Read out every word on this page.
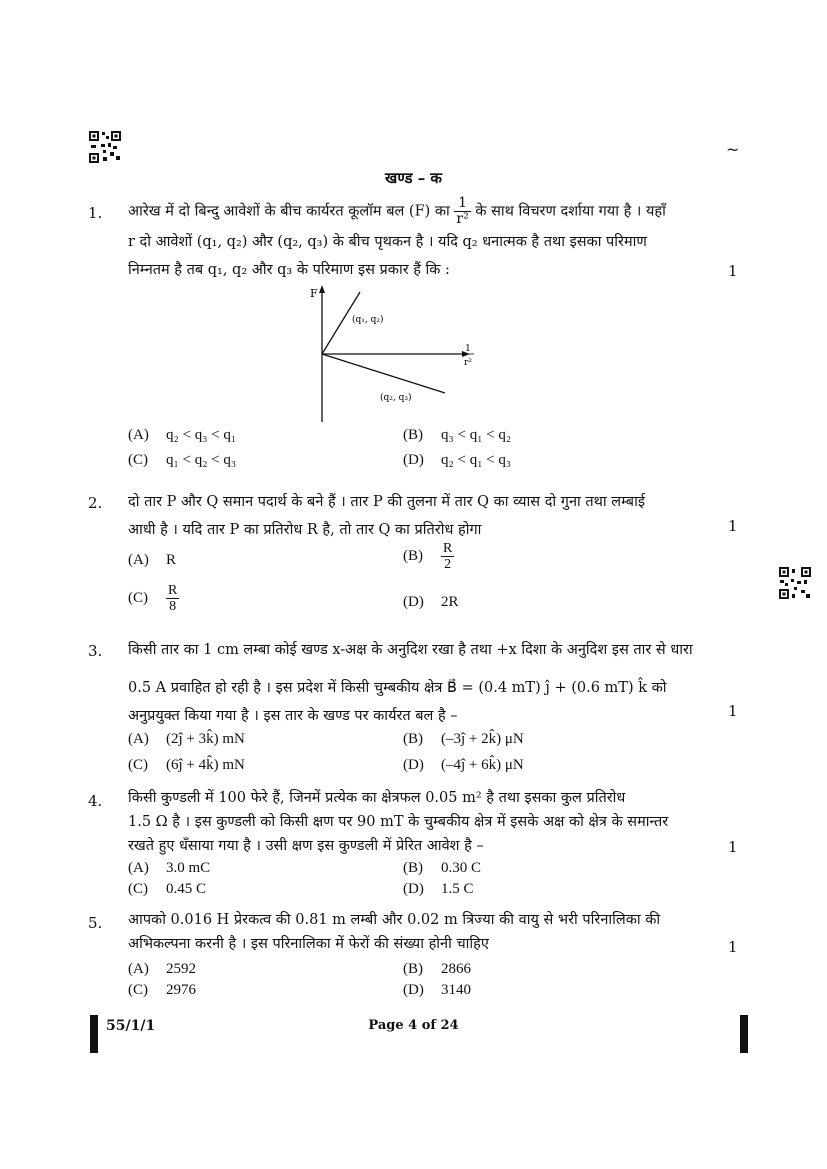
~
खण्ड – क
1. आरेख में दो बिन्दु आवेशों के बीच कार्यरत कूलॉम बल (F) का $\frac{1}{\text{r²}}$ के साथ विचरण दर्शाया गया है । यहाँ
r दो आवेशों (q₁, q₂) और (q₂, q₃) के बीच पृथकन है । यदि q₂ धनात्मक है तथा इसका परिमाण
निम्नतम है तब q₁, q₂ और q₃ के परिमाण इस प्रकार हैं कि :	1
F
(q₁, q₂)
(q₂, q₃)
1
r²
(A) q₂ < q₃ < q₁	(B) q₃ < q₁ < q₂
(C) q₁ < q₂ < q₃	(D) q₂ < q₁ < q₃
2. दो तार P और Q समान पदार्थ के बने हैं । तार P की तुलना में तार Q का व्यास दो गुना तथा लम्बाई
आधी है । यदि तार P का प्रतिरोध R है, तो तार Q का प्रतिरोध होगा	1
(A) R	$(B) \frac{R}{2}$
$(C) \frac{R}{8}$	(D) 2R
3. किसी तार का 1 cm लम्बा कोई खण्ड x-अक्ष के अनुदिश रखा है तथा +x दिशा के अनुदिश इस तार से धारा
0.5 A प्रवाहित हो रही है । इस प्रदेश में किसी चुम्बकीय क्षेत्र B⃗ = (0.4 mT) ĵ + (0.6 mT) k̂ को
अनुप्रयुक्त किया गया है । इस तार के खण्ड पर कार्यरत बल है –	1
(A) (2ĵ + 3k̂) mN	(B) (–3ĵ + 2k̂) μN
(C) (6ĵ + 4k̂) mN	(D) (–4ĵ + 6k̂) μN
4. किसी कुण्डली में 100 फेरे हैं, जिनमें प्रत्येक का क्षेत्रफल 0.05 m² है तथा इसका कुल प्रतिरोध
1.5 Ω है । इस कुण्डली को किसी क्षण पर 90 mT के चुम्बकीय क्षेत्र में इसके अक्ष को क्षेत्र के समान्तर
रखते हुए धँसाया गया है । उसी क्षण इस कुण्डली में प्रेरित आवेश है –	1
(A) 3.0 mC	(B) 0.30 C
(C) 0.45 C	(D) 1.5 C
5. आपको 0.016 H प्रेरकत्व की 0.81 m लम्बी और 0.02 m त्रिज्या की वायु से भरी परिनालिका की
अभिकल्पना करनी है । इस परिनालिका में फेरों की संख्या होनी चाहिए	1
(A) 2592	(B) 2866
(C) 2976	(D) 3140
55/1/1	Page 4 of 24
